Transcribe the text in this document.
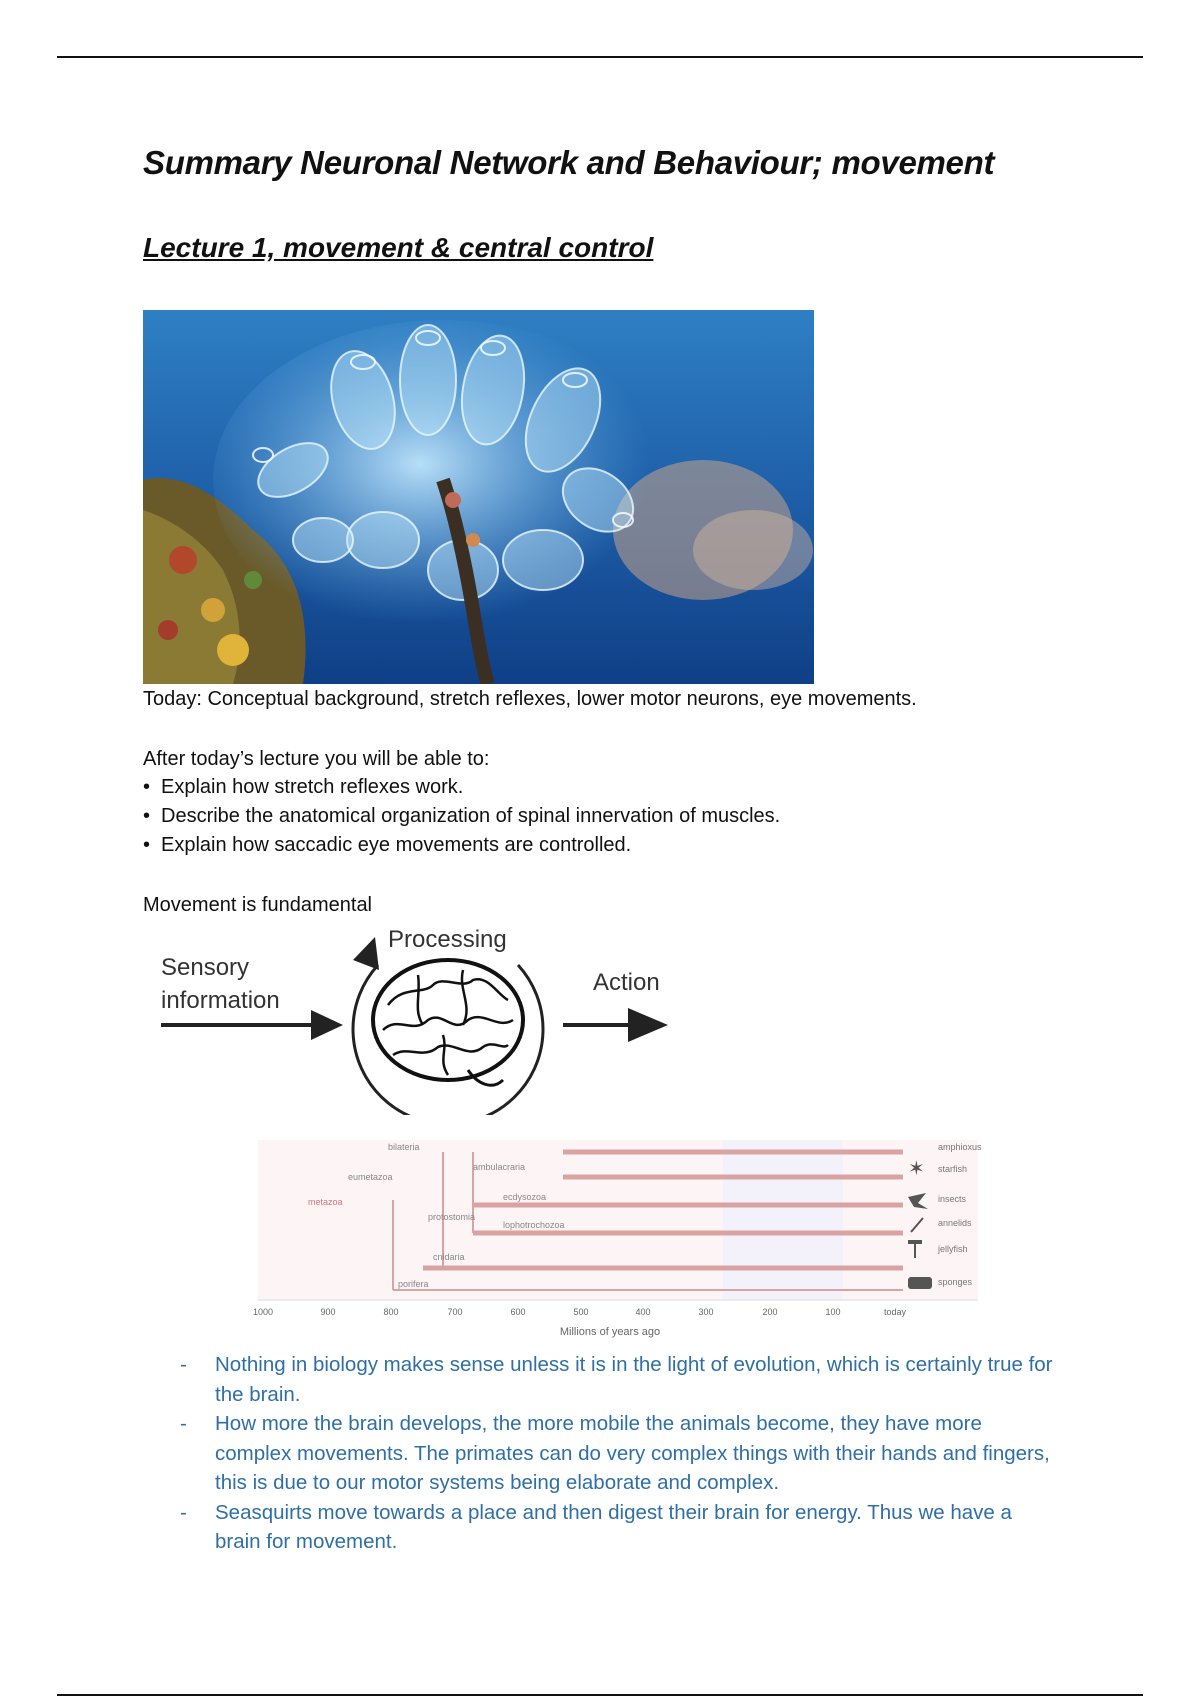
Summary Neuronal Network and Behaviour; movement
Lecture 1, movement & central control

Today: Conceptual background, stretch reflexes, lower motor neurons, eye movements.

After today’s lecture you will be able to:

• Explain how stretch reflexes work.
• Describe the anatomical organization of spinal innervation of muscles.
• Explain how saccadic eye movements are controlled.

Movement is fundamental

Sensory
information
Processing
Action
bilateria
ambulacraria
eumetazoa
metazoa	ecdysozoa
protostomia
lophotrochozoa
cnidaria
porifera
amphioxus
starfish
insects
annelids
jellyfish
sponges
✶
1000	900	800	700	600	500	400	300	200	100	today
Millions of years ago
- Nothing in biology makes sense unless it is in the light of evolution, which is certainly true for the brain.
- How more the brain develops, the more mobile the animals become, they have more complex movements. The primates can do very complex things with their hands and fingers, this is due to our motor systems being elaborate and complex.
- Seasquirts move towards a place and then digest their brain for energy. Thus we have a brain for movement.
